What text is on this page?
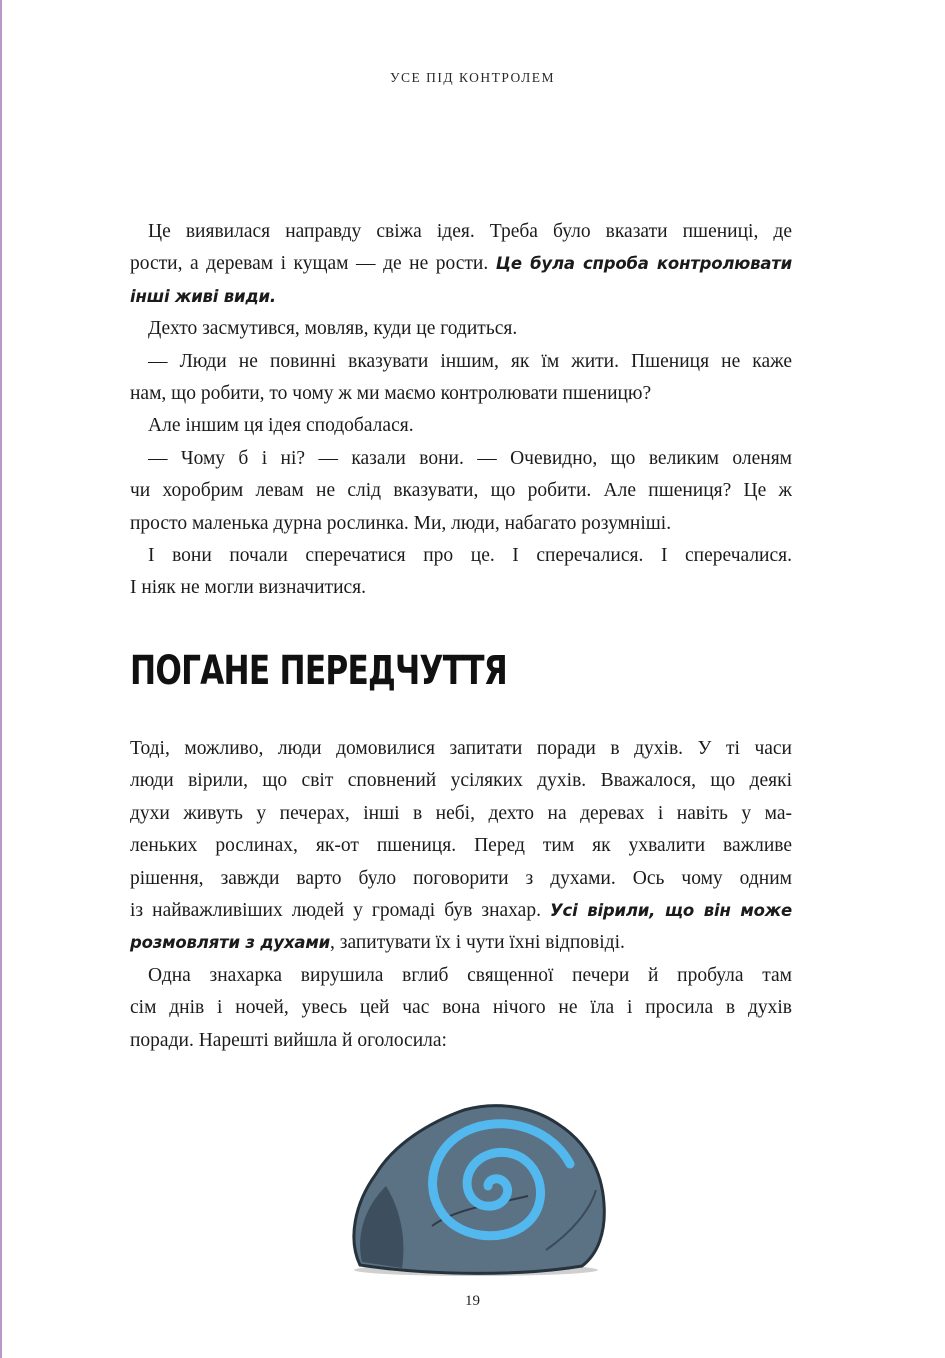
УСЕ ПІД КОНТРОЛЕМ
Це виявилася направду свіжа ідея. Треба було вказати пшениці, де
рости, а деревам і кущам — де не рости. Це була спроба контролювати
інші живі види.
Дехто засмутився, мовляв, куди це годиться.
— Люди не повинні вказувати іншим, як їм жити. Пшениця не каже
нам, що робити, то чому ж ми маємо контролювати пшеницю?
Але іншим ця ідея сподобалася.
— Чому б і ні? — казали вони. — Очевидно, що великим оленям
чи хоробрим левам не слід вказувати, що робити. Але пшениця? Це ж
просто маленька дурна рослинка. Ми, люди, набагато розумніші.
І вони почали сперечатися про це. І сперечалися. І сперечалися.
І ніяк не могли визначитися.
ПОГАНЕ ПЕРЕДЧУТТЯ
Тоді, можливо, люди домовилися запитати поради в духів. У ті часи
люди вірили, що світ сповнений усіляких духів. Вважалося, що деякі
духи живуть у печерах, інші в небі, дехто на деревах і навіть у ма-
леньких рослинах, як-от пшениця. Перед тим як ухвалити важливе
рішення, завжди варто було поговорити з духами. Ось чому одним
із найважливіших людей у громаді був знахар. Усі вірили, що він може
розмовляти з духами, запитувати їх і чути їхні відповіді.
Одна знахарка вирушила вглиб священної печери й пробула там
сім днів і ночей, увесь цей час вона нічого не їла і просила в духів
поради. Нарешті вийшла й оголосила:
19
